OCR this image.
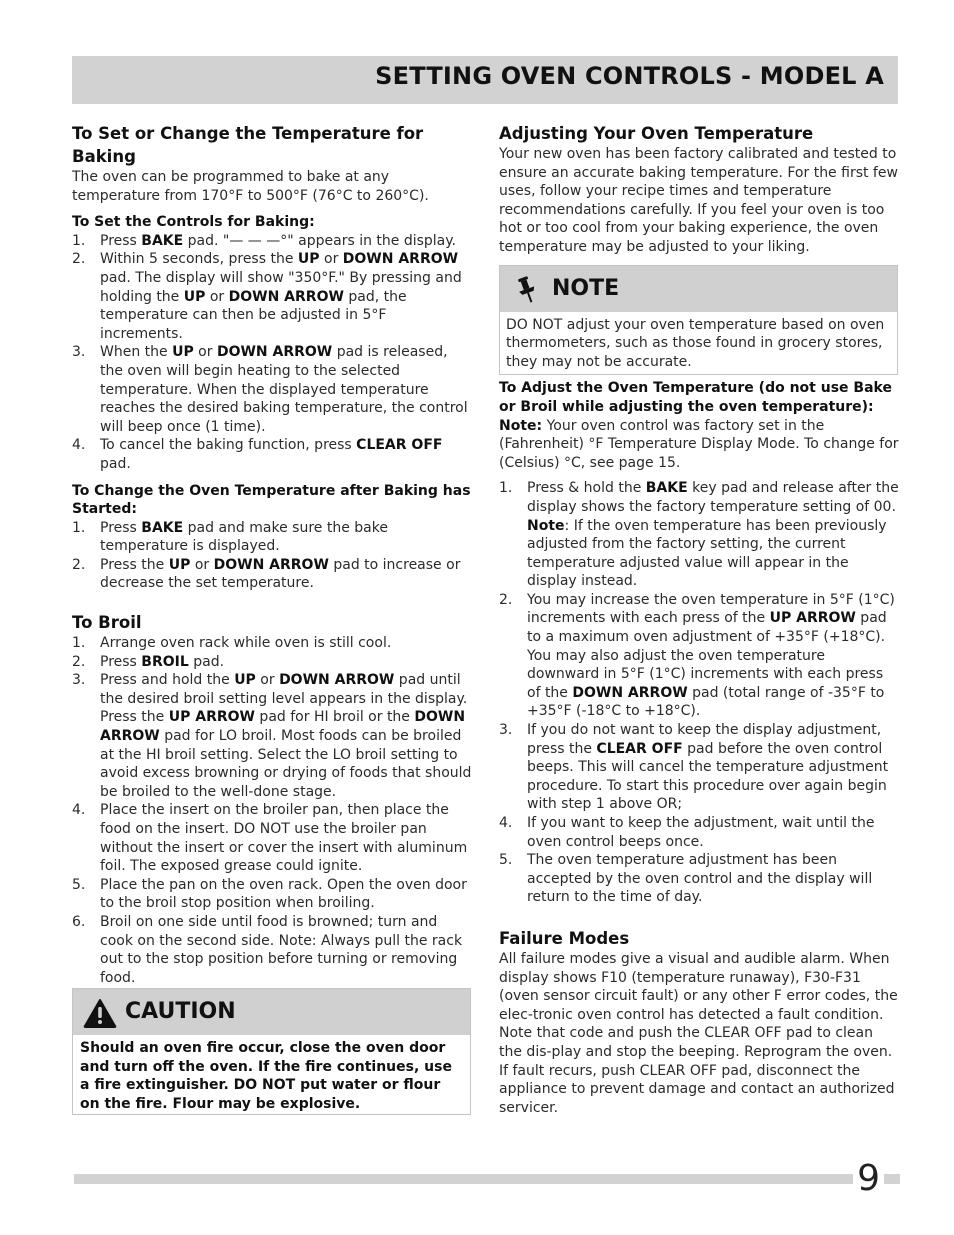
SETTING OVEN CONTROLS - MODEL A
To Set or Change the Temperature for Baking

The oven can be programmed to bake at any temperature from 170°F to 500°F (76°C to 260°C).

To Set the Controls for Baking:
1. Press BAKE pad. "— — —°" appears in the display.
2. Within 5 seconds, press the UP or DOWN ARROW pad. The display will show "350°F." By pressing and holding the UP or DOWN ARROW pad, the temperature can then be adjusted in 5°F increments.
3. When the UP or DOWN ARROW pad is released, the oven will begin heating to the selected temperature. When the displayed temperature reaches the desired baking temperature, the control will beep once (1 time).
4. To cancel the baking function, press CLEAR OFF pad.
To Change the Oven Temperature after Baking has Started:
1. Press BAKE pad and make sure the bake temperature is displayed.
2. Press the UP or DOWN ARROW pad to increase or decrease the set temperature.
To Broil
1. Arrange oven rack while oven is still cool.
2. Press BROIL pad.
3. Press and hold the UP or DOWN ARROW pad until the desired broil setting level appears in the display. Press the UP ARROW pad for HI broil or the DOWN ARROW pad for LO broil. Most foods can be broiled at the HI broil setting. Select the LO broil setting to avoid excess browning or drying of foods that should be broiled to the well-done stage.
4. Place the insert on the broiler pan, then place the food on the insert. DO NOT use the broiler pan without the insert or cover the insert with aluminum foil. The exposed grease could ignite.
5. Place the pan on the oven rack. Open the oven door to the broil stop position when broiling.
6. Broil on one side until food is browned; turn and cook on the second side. Note: Always pull the rack out to the stop position before turning or removing food.
CAUTION

Should an oven fire occur, close the oven door and turn off the oven. If the fire continues, use a fire extinguisher. DO NOT put water or flour on the fire. Flour may be explosive.

Adjusting Your Oven Temperature

Your new oven has been factory calibrated and tested to ensure an accurate baking temperature. For the first few uses, follow your recipe times and temperature recommendations carefully. If you feel your oven is too hot or too cool from your baking experience, the oven temperature may be adjusted to your liking.

NOTE

DO NOT adjust your oven temperature based on oven thermometers, such as those found in grocery stores, they may not be accurate.

To Adjust the Oven Temperature (do not use Bake or Broil while adjusting the oven temperature):

Note: Your oven control was factory set in the (Fahrenheit) °F Temperature Display Mode. To change for (Celsius) °C, see page 15.

1. Press & hold the BAKE key pad and release after the display shows the factory temperature setting of 00. Note: If the oven temperature has been previously adjusted from the factory setting, the current temperature adjusted value will appear in the display instead.
2. You may increase the oven temperature in 5°F (1°C) increments with each press of the UP ARROW pad to a maximum oven adjustment of +35°F (+18°C). You may also adjust the oven temperature downward in 5°F (1°C) increments with each press of the DOWN ARROW pad (total range of -35°F to +35°F (-18°C to +18°C).
3. If you do not want to keep the display adjustment, press the CLEAR OFF pad before the oven control beeps. This will cancel the temperature adjustment procedure. To start this procedure over again begin with step 1 above OR;
4. If you want to keep the adjustment, wait until the oven control beeps once.
5. The oven temperature adjustment has been accepted by the oven control and the display will return to the time of day.
Failure Modes

All failure modes give a visual and audible alarm. When display shows F10 (temperature runaway), F30-F31 (oven sensor circuit fault) or any other F error codes, the elec-tronic oven control has detected a fault condition. Note that code and push the CLEAR OFF pad to clean the dis-play and stop the beeping. Reprogram the oven. If fault recurs, push CLEAR OFF pad, disconnect the appliance to prevent damage and contact an authorized servicer.

9
